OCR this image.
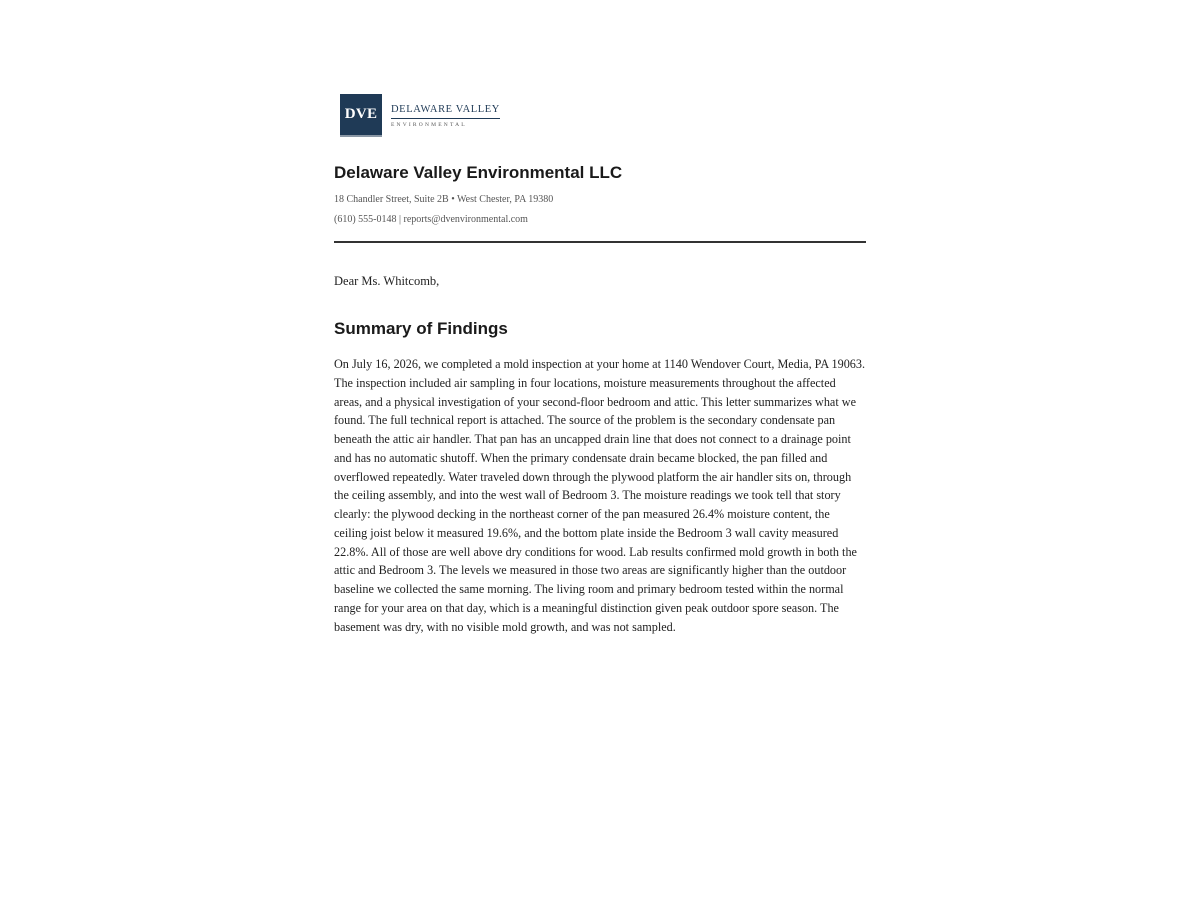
DVE	DELAWARE VALLEY
ENVIRONMENTAL
Delaware Valley Environmental LLC
18 Chandler Street, Suite 2B • West Chester, PA 19380
(610) 555-0148 | reports@dvenvironmental.com
Dear Ms. Whitcomb,
Summary of Findings
On July 16, 2026, we completed a mold inspection at your home at 1140 Wendover Court, Media, PA 19063. The inspection included air sampling in four locations, moisture measurements throughout the affected areas, and a physical investigation of your second-floor bedroom and attic. This letter summarizes what we found. The full technical report is attached. The source of the problem is the secondary condensate pan beneath the attic air handler. That pan has an uncapped drain line that does not connect to a drainage point and has no automatic shutoff. When the primary condensate drain became blocked, the pan filled and overflowed repeatedly. Water traveled down through the plywood platform the air handler sits on, through the ceiling assembly, and into the west wall of Bedroom 3. The moisture readings we took tell that story clearly: the plywood decking in the northeast corner of the pan measured 26.4% moisture content, the ceiling joist below it measured 19.6%, and the bottom plate inside the Bedroom 3 wall cavity measured 22.8%. All of those are well above dry conditions for wood. Lab results confirmed mold growth in both the attic and Bedroom 3. The levels we measured in those two areas are significantly higher than the outdoor baseline we collected the same morning. The living room and primary bedroom tested within the normal range for your area on that day, which is a meaningful distinction given peak outdoor spore season. The basement was dry, with no visible mold growth, and was not sampled.
